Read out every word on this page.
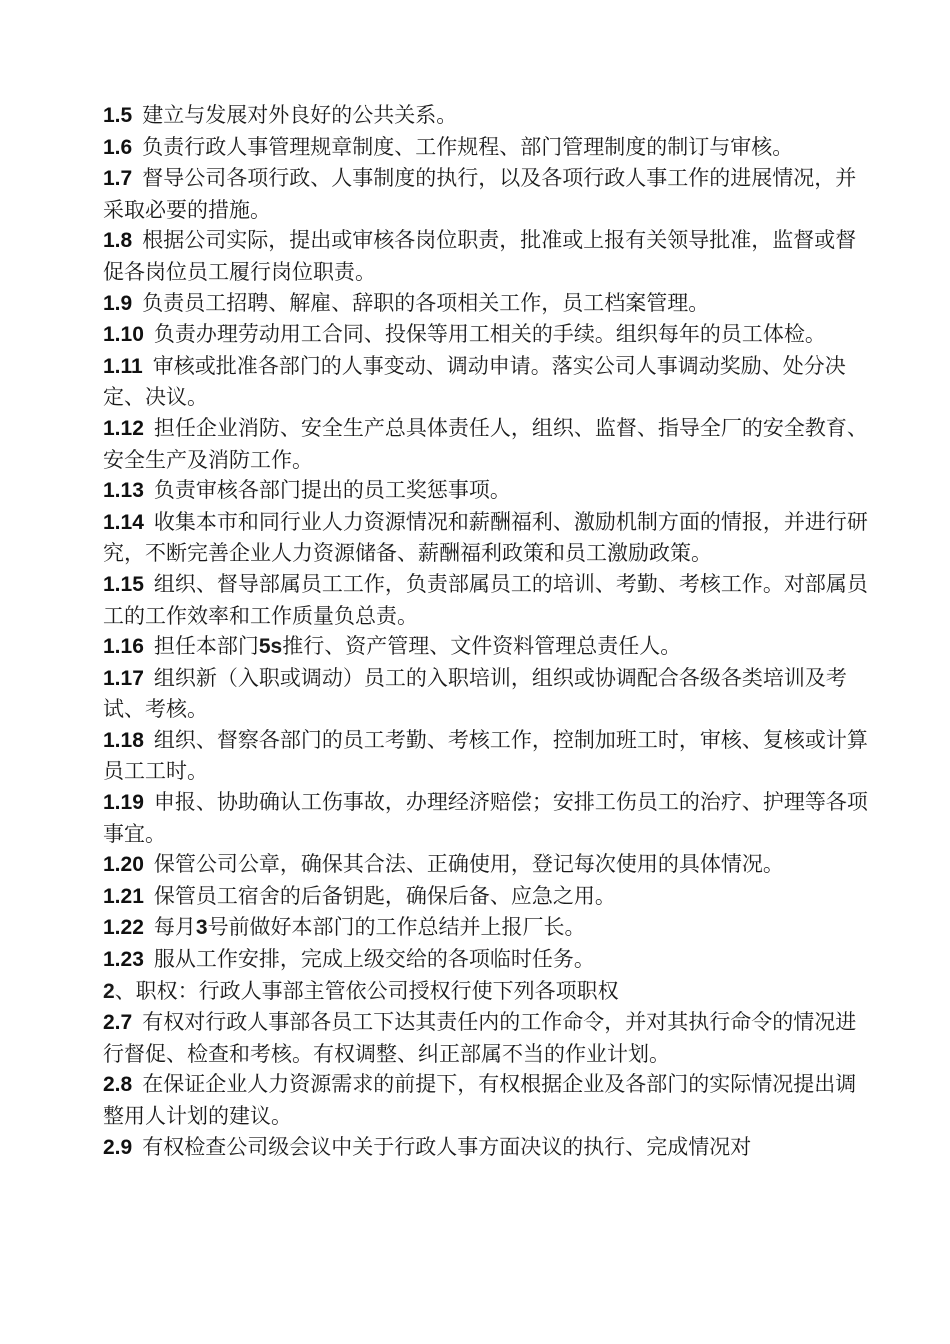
1.5 建立与发展对外良好的公共关系。

1.6 负责行政人事管理规章制度、工作规程、部门管理制度的制订与审核。

1.7 督导公司各项行政、人事制度的执行，以及各项行政人事工作的进展情况，并采取必要的措施。

1.8 根据公司实际，提出或审核各岗位职责，批准或上报有关领导批准，监督或督促各岗位员工履行岗位职责。

1.9 负责员工招聘、解雇、辞职的各项相关工作，员工档案管理。

1.10 负责办理劳动用工合同、投保等用工相关的手续。组织每年的员工体检。

1.11 审核或批准各部门的人事变动、调动申请。落实公司人事调动奖励、处分决定、决议。

1.12 担任企业消防、安全生产总具体责任人，组织、监督、指导全厂的安全教育、安全生产及消防工作。

1.13 负责审核各部门提出的员工奖惩事项。

1.14 收集本市和同行业人力资源情况和薪酬福利、激励机制方面的情报，并进行研究，不断完善企业人力资源储备、薪酬福利政策和员工激励政策。

1.15 组织、督导部属员工工作，负责部属员工的培训、考勤、考核工作。对部属员工的工作效率和工作质量负总责。

1.16 担任本部门5s推行、资产管理、文件资料管理总责任人。

1.17 组织新（入职或调动）员工的入职培训，组织或协调配合各级各类培训及考试、考核。

1.18 组织、督察各部门的员工考勤、考核工作，控制加班工时，审核、复核或计算员工工时。

1.19 申报、协助确认工伤事故，办理经济赔偿；安排工伤员工的治疗、护理等各项事宜。

1.20 保管公司公章，确保其合法、正确使用，登记每次使用的具体情况。

1.21 保管员工宿舍的后备钥匙，确保后备、应急之用。

1.22 每月3号前做好本部门的工作总结并上报厂长。

1.23 服从工作安排，完成上级交给的各项临时任务。

2、职权：行政人事部主管依公司授权行使下列各项职权

2.7 有权对行政人事部各员工下达其责任内的工作命令，并对其执行命令的情况进行督促、检查和考核。有权调整、纠正部属不当的作业计划。

2.8 在保证企业人力资源需求的前提下，有权根据企业及各部门的实际情况提出调整用人计划的建议。

2.9 有权检查公司级会议中关于行政人事方面决议的执行、完成情况对
